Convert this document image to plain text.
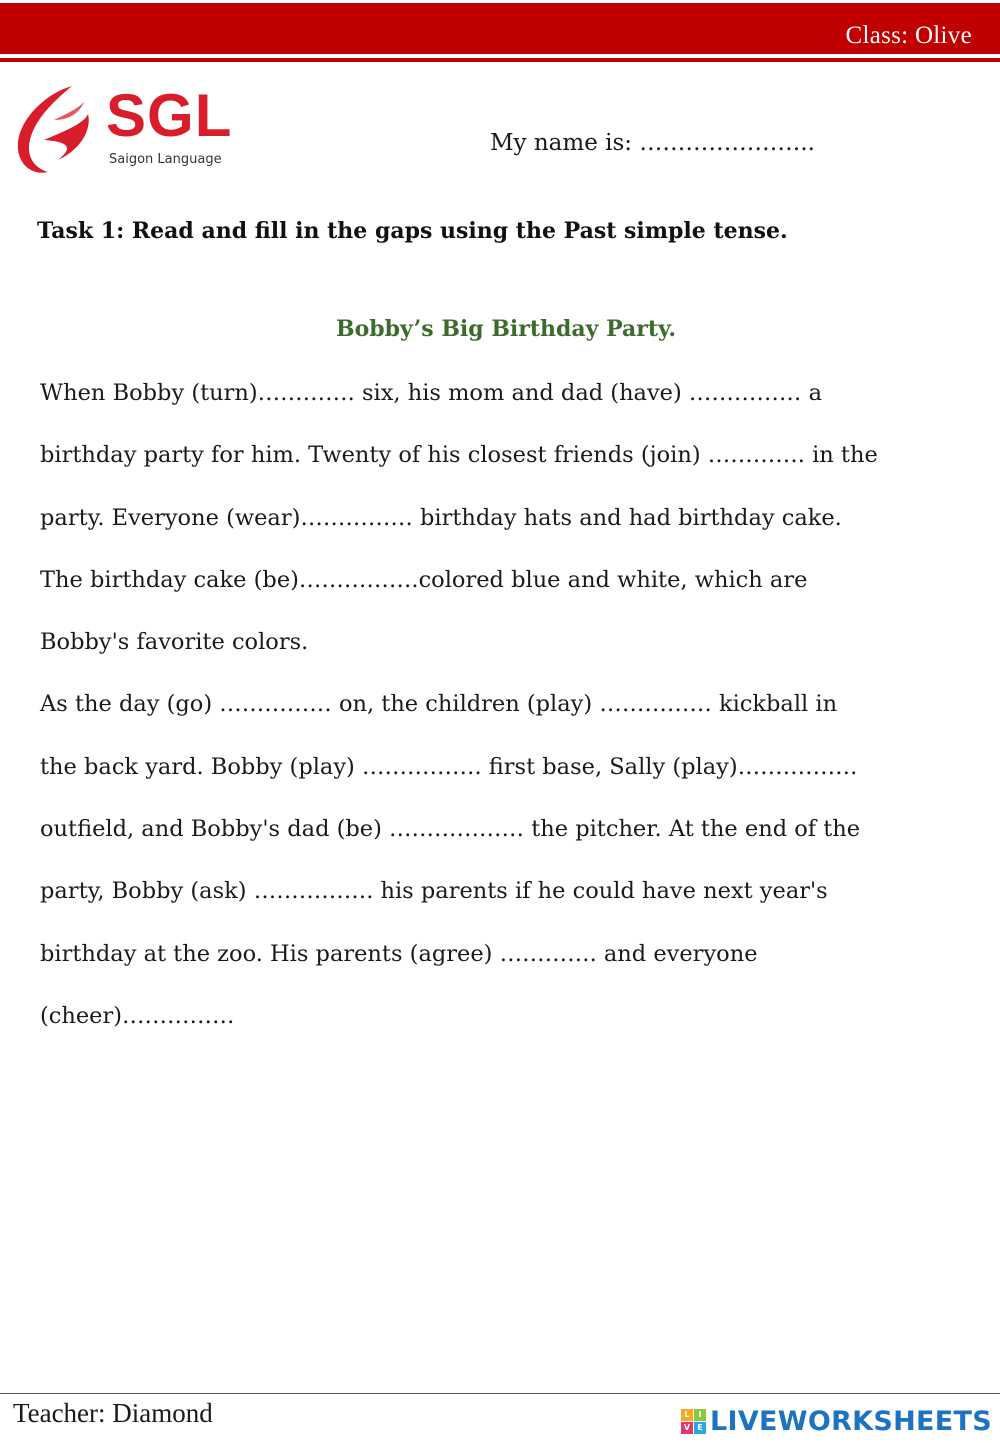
Class: Olive
SGL
Saigon Language
My name is: …………………..
Task 1: Read and fill in the gaps using the Past simple tense.
Bobby’s Big Birthday Party.
When Bobby (turn)…………. six, his mom and dad (have) …………… a
birthday party for him. Twenty of his closest friends (join) …………. in the
party. Everyone (wear)…………… birthday hats and had birthday cake.
The birthday cake (be)…………….colored blue and white, which are
Bobby's favorite colors.
As the day (go) …………… on, the children (play) …………… kickball in
the back yard. Bobby (play) ……………. first base, Sally (play)…………….
outfield, and Bobby's dad (be) ……………… the pitcher. At the end of the
party, Bobby (ask) ……………. his parents if he could have next year's
birthday at the zoo. His parents (agree) …………. and everyone
(cheer)……………
Teacher: Diamond	L	I
V E LIVEWORKSHEETS
